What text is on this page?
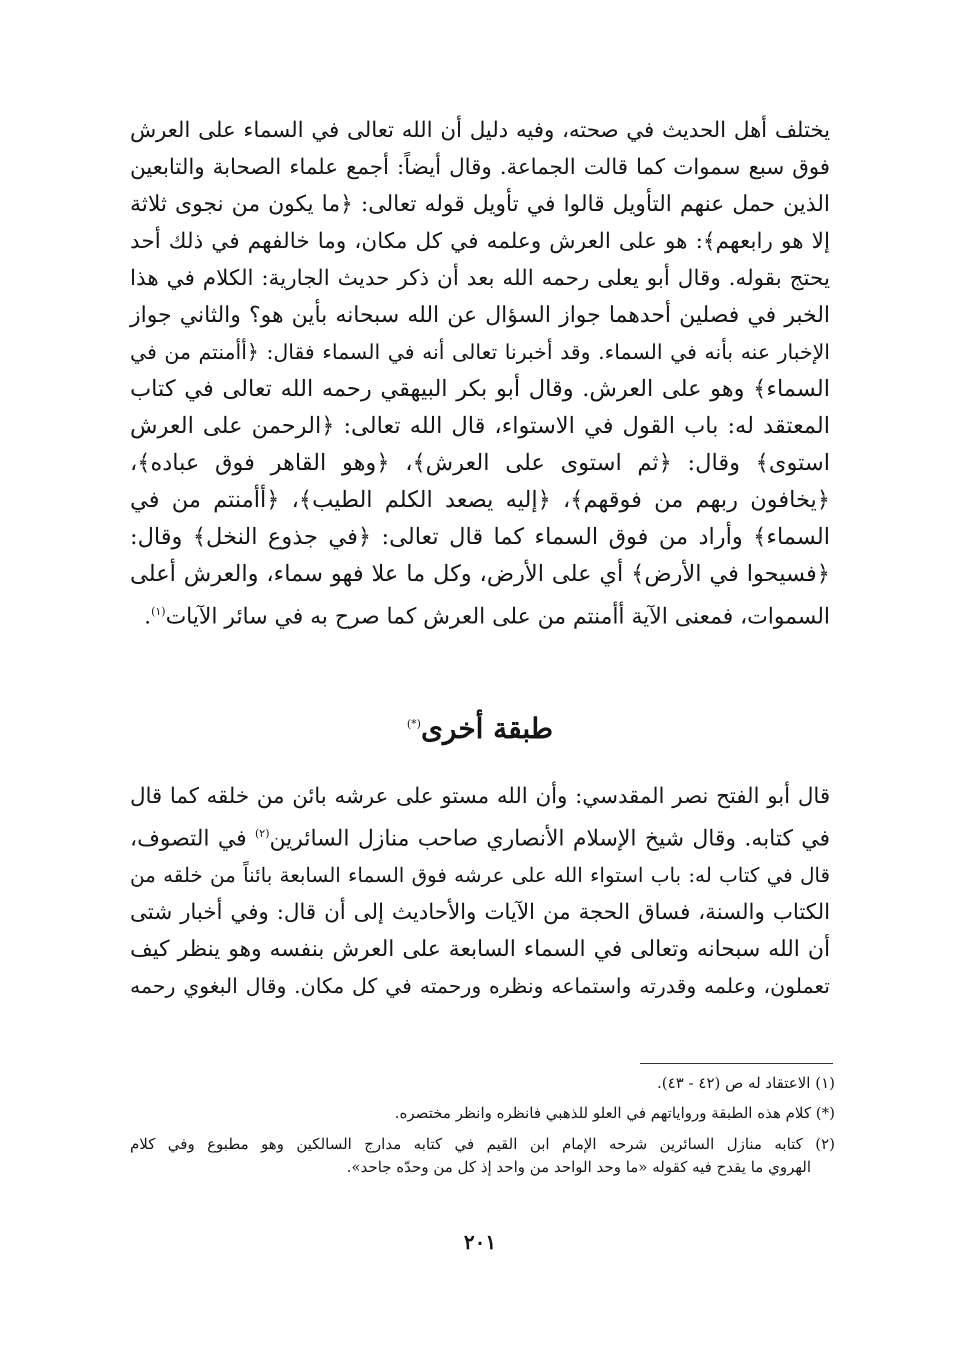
يختلف أهل الحديث في صحته، وفيه دليل أن الله تعالى في السماء على العرش
فوق سبع سموات كما قالت الجماعة. وقال أيضاً: أجمع علماء الصحابة والتابعين
الذين حمل عنهم التأويل قالوا في تأويل قوله تعالى: ﴿ما يكون من نجوى ثلاثة
إلا هو رابعهم﴾: هو على العرش وعلمه في كل مكان، وما خالفهم في ذلك أحد
يحتج بقوله. وقال أبو يعلى رحمه الله بعد أن ذكر حديث الجارية: الكلام في هذا
الخبر في فصلين أحدهما جواز السؤال عن الله سبحانه بأين هو؟ والثاني جواز
الإخبار عنه بأنه في السماء. وقد أخبرنا تعالى أنه في السماء فقال: ﴿أأمنتم من في
السماء﴾ وهو على العرش. وقال أبو بكر البيهقي رحمه الله تعالى في كتاب
المعتقد له: باب القول في الاستواء، قال الله تعالى: ﴿الرحمن على العرش
استوى﴾ وقال: ﴿ثم استوى على العرش﴾، ﴿وهو القاهر فوق عباده﴾،
﴿يخافون ربهم من فوقهم﴾، ﴿إليه يصعد الكلم الطيب﴾، ﴿أأمنتم من في
السماء﴾ وأراد من فوق السماء كما قال تعالى: ﴿في جذوع النخل﴾ وقال:
﴿فسيحوا في الأرض﴾ أي على الأرض، وكل ما علا فهو سماء، والعرش أعلى
السموات، فمعنى الآية أأمنتم من على العرش كما صرح به في سائر الآيات$^{(١)}$.
طبقة أخرى(*)
قال أبو الفتح نصر المقدسي: وأن الله مستو على عرشه بائن من خلقه كما قال
في كتابه. وقال شيخ الإسلام الأنصاري صاحب منازل السائرين$^{(٢)}$ في التصوف،
قال في كتاب له: باب استواء الله على عرشه فوق السماء السابعة بائناً من خلقه من
الكتاب والسنة، فساق الحجة من الآيات والأحاديث إلى أن قال: وفي أخبار شتى
أن الله سبحانه وتعالى في السماء السابعة على العرش بنفسه وهو ينظر كيف
تعملون، وعلمه وقدرته واستماعه ونظره ورحمته في كل مكان. وقال البغوي رحمه
(١) الاعتقاد له ص (٤٢ - ٤٣).
(*) كلام هذه الطبقة ورواياتهم في العلو للذهبي فانظره وانظر مختصره.
(٢) كتابه منازل السائرين شرحه الإمام ابن القيم في كتابه مدارج السالكين وهو مطبوع وفي كلام
الهروي ما يقدح فيه كقوله «ما وحد الواحد من واحد إذ كل من وحدّه جاحد».
٢٠١
